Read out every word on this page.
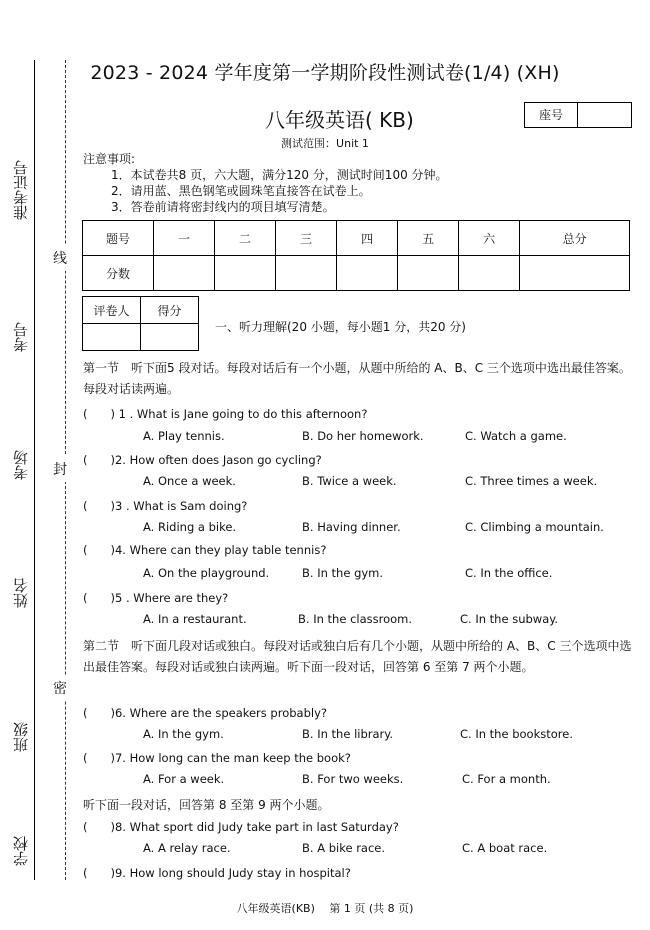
准考证号
考号
考场
姓名
班级
学校
线
封
密
2023 - 2024 学年度第一学期阶段性测试卷(1/4) (XH)
八年级英语( KB)	座号
测试范围：Unit 1
注意事项:
1．本试卷共8 页，六大题，满分120 分，测试时间100 分钟。
2．请用蓝、黑色钢笔或圆珠笔直接答在试卷上。
3．答卷前请将密封线内的项目填写清楚。
题号	一	二	三	四	五	六	总分
分数							
评卷人	得分

一、听力理解(20 小题，每小题1 分，共20 分)
第一节　听下面5 段对话。每段对话后有一个小题，从题中所给的 A、B、C 三个选项中选出最佳答案。每段对话读两遍。
(　　) 1 . What is Jane going to do this afternoon?
A. Play tennis.	B. Do her homework.	C. Watch a game.
(　　)2. How often does Jason go cycling?
A. Once a week.	B. Twice a week.	C. Three times a week.
(　　)3 . What is Sam doing?
A. Riding a bike.	B. Having dinner.	C. Climbing a mountain.
(　　)4. Where can they play table tennis?
A. On the playground.	B. In the gym.	C. In the office.
(　　)5 . Where are they?
A. In a restaurant.	B. In the classroom.	C. In the subway.
第二节　听下面几段对话或独白。每段对话或独白后有几个小题，从题中所给的 A、B、C 三个选项中选出最佳答案。每段对话或独白读两遍。听下面一段对话，回答第 6 至第 7 两个小题。
(　　)6. Where are the speakers probably?
A. In the gym.	B. In the library.	C. In the bookstore.
(　　)7. How long can the man keep the book?
A. For a week.	B. For two weeks.	C. For a month.
听下面一段对话，回答第 8 至第 9 两个小题。
(　　)8. What sport did Judy take part in last Saturday?
A. A relay race.	B. A bike race.	C. A boat race.
(　　)9. How long should Judy stay in hospital?
八年级英语(KB)　 第 1 页 (共 8 页)
